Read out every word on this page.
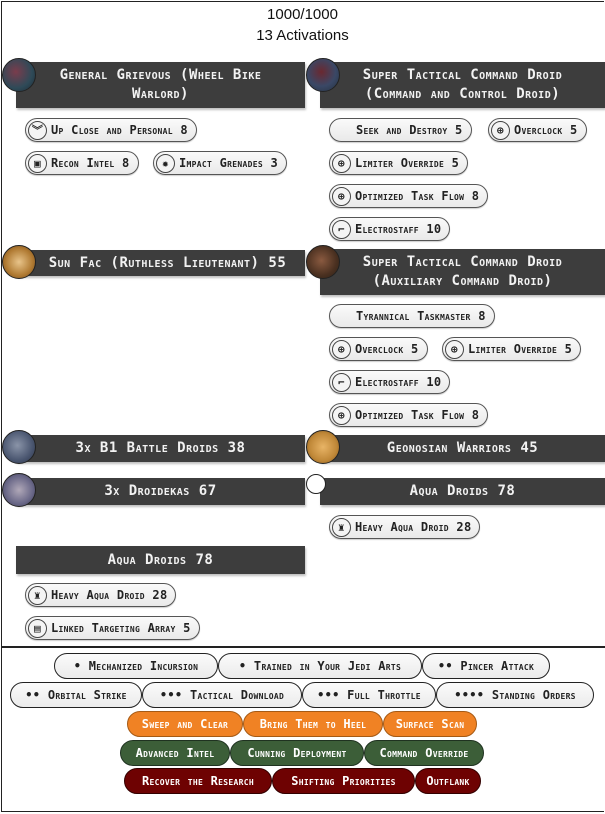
1000/1000
13 Activations
General Grievous (Wheel Bike
Warlord)
︾ Up Close and Personal 8
▣ Recon Intel 8	✹ Impact Grenades 3
Super Tactical Command Droid
(Command and Control Droid)
Seek and Destroy 5	⊕ Overclock 5
⊕ Limiter Override 5
⊕ Optimized Task Flow 8
⌐ Electrostaff 10
Sun Fac (Ruthless Lieutenant) 55	Super Tactical Command Droid
(Auxiliary Command Droid)
Tyrannical Taskmaster 8
⊕ Overclock 5	⊕ Limiter Override 5
⌐ Electrostaff 10
⊕ Optimized Task Flow 8
3x B1 Battle Droids 38	Geonosian Warriors 45
3x Droidekas 67	Aqua Droids 78
♜ Heavy Aqua Droid 28
Aqua Droids 78
♜ Heavy Aqua Droid 28
▤ Linked Targeting Array 5
• Mechanized Incursion	• Trained in Your Jedi Arts	•• Pincer Attack
•• Orbital Strike	••• Tactical Download	••• Full Throttle	•••• Standing Orders
Sweep and Clear	Bring Them to Heel	Surface Scan
Advanced Intel	Cunning Deployment	Command Override
Recover the Research	Shifting Priorities	Outflank
